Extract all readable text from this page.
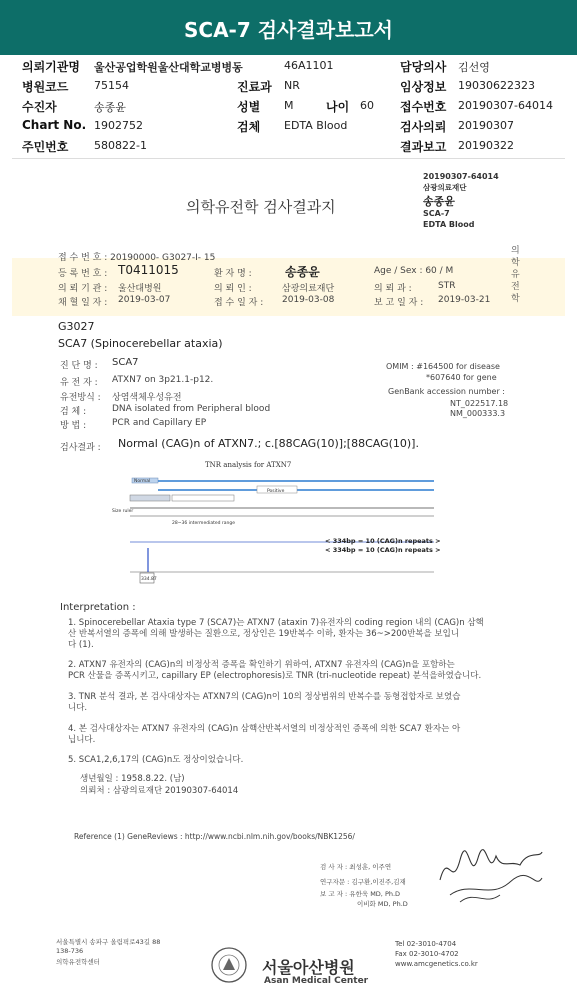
SCA-7 검사결과보고서
의뢰기관명 울산공업학원울산대학교병병동	46A1101	담당의사 김선영
병원코드 75154	진료과 NR	임상정보 19030622323
수진자	송종윤	성별 M	나이 60 접수번호 20190307-64014
Chart No. 1902752	검체 EDTA Blood	검사의뢰 20190307
주민번호 580822-1	결과보고 20190322
20190307-64014
삼광의료재단
송종윤
SCA-7
EDTA Blood
의학유전학 검사결과지
의학유전학
접 수 번 호 : 20190000- G3027-I- 15
등 록 번 호 : T0411015	환 자 명 :	송종윤	Age / Sex : 60 / M
의 뢰 기 관 : 울산대병원	의 뢰 인 :	삼광의료재단	의 뢰 과 :	STR
채 혈 일 자 : 2019-03-07	접 수 일 자 : 2019-03-08	보 고 일 자 : 2019-03-21
G3027
SCA7 (Spinocerebellar ataxia)
진 단 명 : SCA7
유 전 자 : ATXN7 on 3p21.1-p12.
유전방식 : 상염색체우성유전
검 체 :	DNA isolated from Peripheral blood
방 법 :	PCR and Capillary EP
OMIM : #164500 for disease
*607640 for gene
GenBank accession number :
NT_022517.18
NM_000333.3
검사결과 : Normal (CAG)n of ATXN7.; c.[88CAG(10)];[88CAG(10)].
TNR analysis for ATXN7
334.87
Normal
Positive
Size ruler
28~36 intermediated range
< 334bp = 10 (CAG)n repeats >
< 334bp = 10 (CAG)n repeats >
Interpretation :
1. Spinocerebellar Ataxia type 7 (SCA7)는 ATXN7 (ataxin 7)유전자의 coding region 내의 (CAG)n 삼핵
산 반복서열의 증폭에 의해 발생하는 질환으로, 정상인은 19반복수 이하, 환자는 36~>200반복을 보입니
다 (1).
2. ATXN7 유전자의 (CAG)n의 비정상적 증폭을 확인하기 위하여, ATXN7 유전자의 (CAG)n을 포함하는
PCR 산물을 증폭시키고, capillary EP (electrophoresis)로 TNR (tri-nucleotide repeat) 분석을하였습니다.
3. TNR 분석 결과, 본 검사대상자는 ATXN7의 (CAG)n이 10의 정상범위의 반복수를 동형접합자로 보였습
니다.
4. 본 검사대상자는 ATXN7 유전자의 (CAG)n 삼핵산반복서열의 비정상적인 증폭에 의한 SCA7 환자는 아
닙니다.
5. SCA1,2,6,17의 (CAG)n도 정상이었습니다.
생년월일 : 1958.8.22. (남)
의뢰처 : 삼광의료재단 20190307-64014
Reference (1) GeneReviews : http://www.ncbi.nlm.nih.gov/books/NBK1256/
검 사 자 : 최성훈, 이주연
연구자문 : 김구환,이진주,김재
보 고 자 : 유한욱 MD, Ph.D
이비화 MD, Ph.D
서울특별시 송파구 올림픽로43길 88
138-736
의학유전학센터	서울아산병원
Asan Medical Center
Tel 02-3010-4704
Fax 02-3010-4702
www.amcgenetics.co.kr
